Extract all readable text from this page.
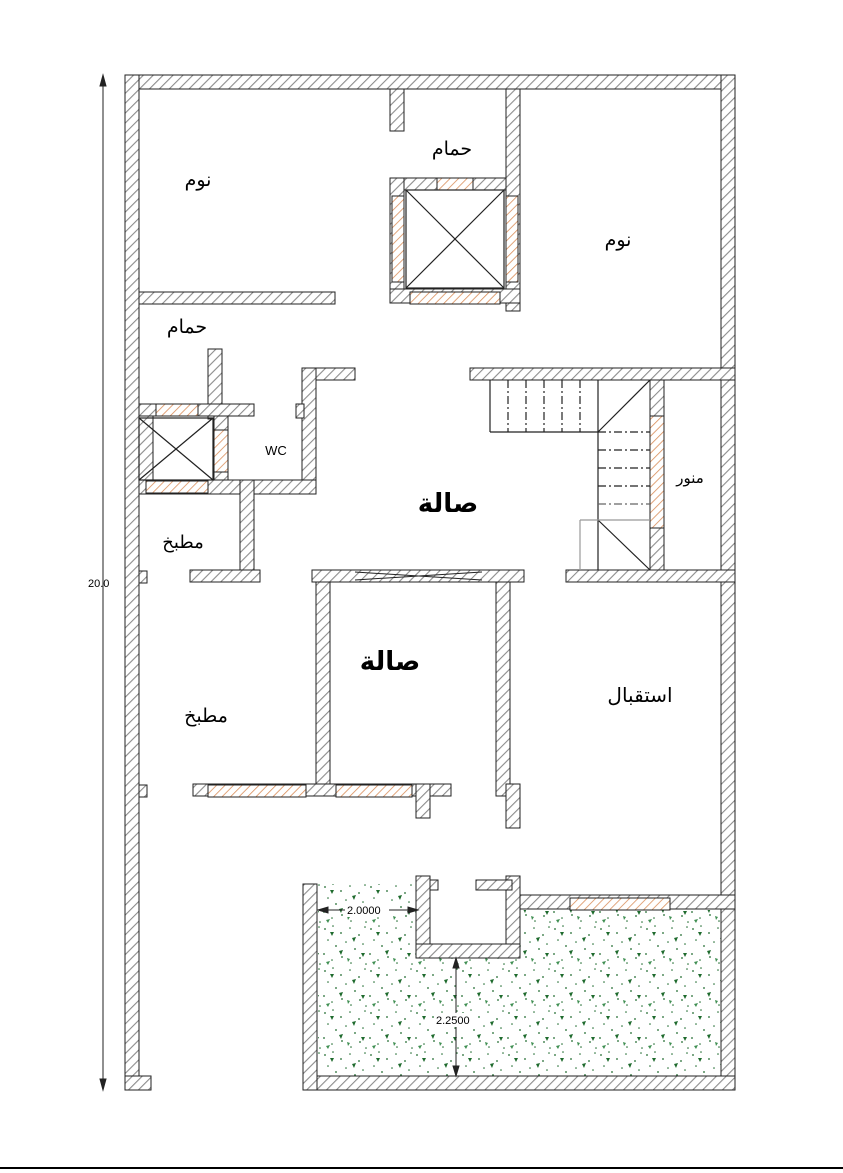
20.0
2.0000
2.2500
نوم
حمام
نوم
حمام
WC
صالة
منور
مطبخ
صالة
استقبال
مطبخ
